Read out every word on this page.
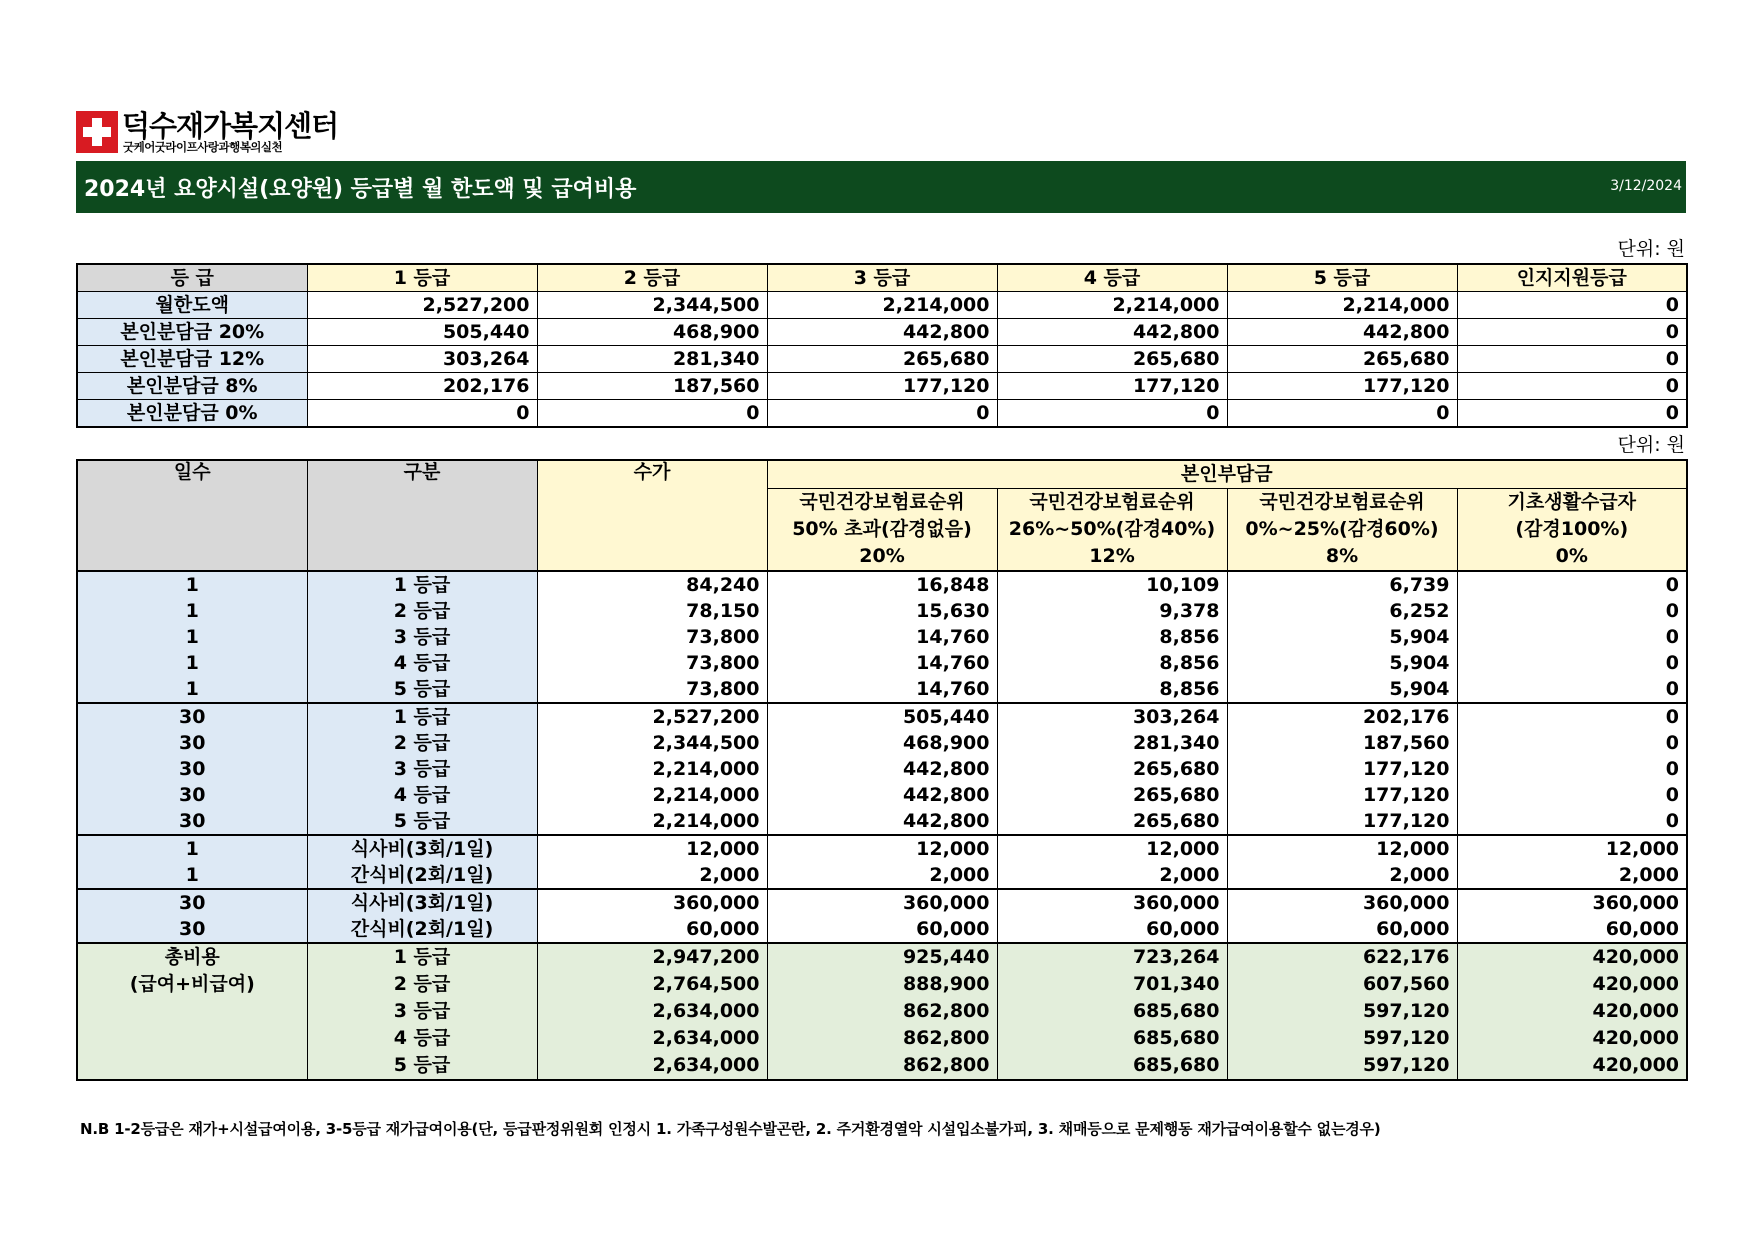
덕수재가복지센터
굿케어굿라이프사랑과행복의실천
2024년 요양시설(요양원) 등급별 월 한도액 및 급여비용	3/12/2024
단위: 원
등 급	1 등급	2 등급	3 등급	4 등급	5 등급	인지지원등급
월한도액	2,527,200	2,344,500	2,214,000	2,214,000	2,214,000	0
본인분담금 20%	505,440	468,900	442,800	442,800	442,800	0
본인분담금 12%	303,264	281,340	265,680	265,680	265,680	0
본인분담금 8%	202,176	187,560	177,120	177,120	177,120	0
본인분담금 0%	0	0	0	0	0	0
단위: 원
일수	구분	수가	본인부담금			
			국민건강보험료순위	국민건강보험료순위	국민건강보험료순위	기초생활수급자
			50% 초과(감경없음)	26%~50%(감경40%)	0%~25%(감경60%)	(감경100%)
			20%	12%	8%	0%
1	1 등급	84,240	16,848	10,109	6,739	0
1	2 등급	78,150	15,630	9,378	6,252	0
1	3 등급	73,800	14,760	8,856	5,904	0
1	4 등급	73,800	14,760	8,856	5,904	0
1	5 등급	73,800	14,760	8,856	5,904	0
30	1 등급	2,527,200	505,440	303,264	202,176	0
30	2 등급	2,344,500	468,900	281,340	187,560	0
30	3 등급	2,214,000	442,800	265,680	177,120	0
30	4 등급	2,214,000	442,800	265,680	177,120	0
30	5 등급	2,214,000	442,800	265,680	177,120	0
1	식사비(3회/1일)	12,000	12,000	12,000	12,000	12,000
1	간식비(2회/1일)	2,000	2,000	2,000	2,000	2,000
30	식사비(3회/1일)	360,000	360,000	360,000	360,000	360,000
30	간식비(2회/1일)	60,000	60,000	60,000	60,000	60,000
총비용	1 등급	2,947,200	925,440	723,264	622,176	420,000
(급여+비급여)	2 등급	2,764,500	888,900	701,340	607,560	420,000
	3 등급	2,634,000	862,800	685,680	597,120	420,000
	4 등급	2,634,000	862,800	685,680	597,120	420,000
	5 등급	2,634,000	862,800	685,680	597,120	420,000
N.B 1-2등급은 재가+시설급여이용, 3-5등급 재가급여이용(단, 등급판정위원회 인정시 1. 가족구성원수발곤란, 2. 주거환경열악 시설입소불가피, 3. 채매등으로 문제행동 재가급여이용할수 없는경우)
